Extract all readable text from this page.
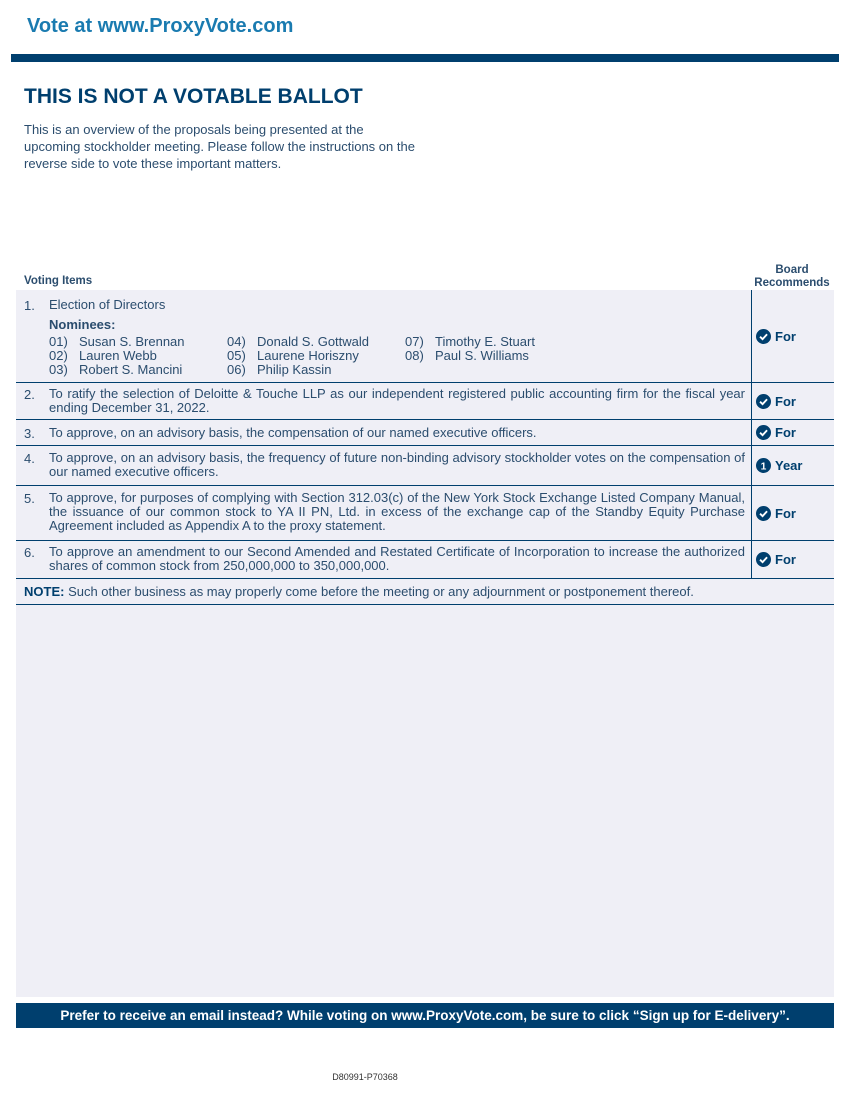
Vote at www.ProxyVote.com
THIS IS NOT A VOTABLE BALLOT

This is an overview of the proposals being presented at the upcoming stockholder meeting. Please follow the instructions on the reverse side to vote these important matters.

Voting Items
Board
Recommends
1. Election of Directors
Nominees:
01) Susan S. Brennan
02) Lauren Webb
03) Robert S. Mancini
04) Donald S. Gottwald
05) Laurene Horiszny
06) Philip Kassin
07) Timothy E. Stuart
08) Paul S. Williams
For
2. To ratify the selection of Deloitte & Touche LLP as our independent registered public accounting firm for the fiscal year ending December 31, 2022.	For
3. To approve, on an advisory basis, the compensation of our named executive officers.	For
4. To approve, on an advisory basis, the frequency of future non-binding advisory stockholder votes on the compensation of our named executive officers.	1 Year
5. To approve, for purposes of complying with Section 312.03(c) of the New York Stock Exchange Listed Company Manual, the issuance of our common stock to YA II PN, Ltd. in excess of the exchange cap of the Standby Equity Purchase Agreement included as Appendix A to the proxy statement.
For
6. To approve an amendment to our Second Amended and Restated Certificate of Incorporation to increase the authorized shares of common stock from 250,000,000 to 350,000,000.	For
NOTE: Such other business as may properly come before the meeting or any adjournment or postponement thereof.
Prefer to receive an email instead? While voting on www.ProxyVote.com, be sure to click “Sign up for E-delivery”.
D80991-P70368
